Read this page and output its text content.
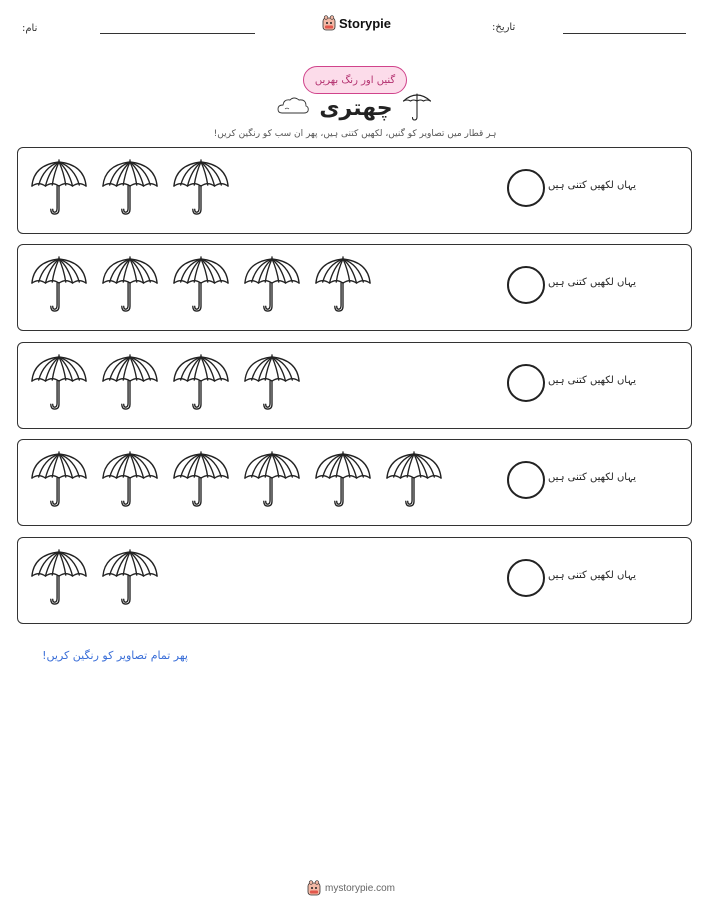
نام:	Storypie	تاریخ:
گنیں اور رنگ بھریں
چھتری
ہر قطار میں تصاویر کو گنیں، لکھیں کتنی ہیں، پھر ان سب کو رنگین کریں!
یہاں لکھیں کتنی ہیں
یہاں لکھیں کتنی ہیں
یہاں لکھیں کتنی ہیں
یہاں لکھیں کتنی ہیں
یہاں لکھیں کتنی ہیں
پھر تمام تصاویر کو رنگین کریں!
mystorypie.com
